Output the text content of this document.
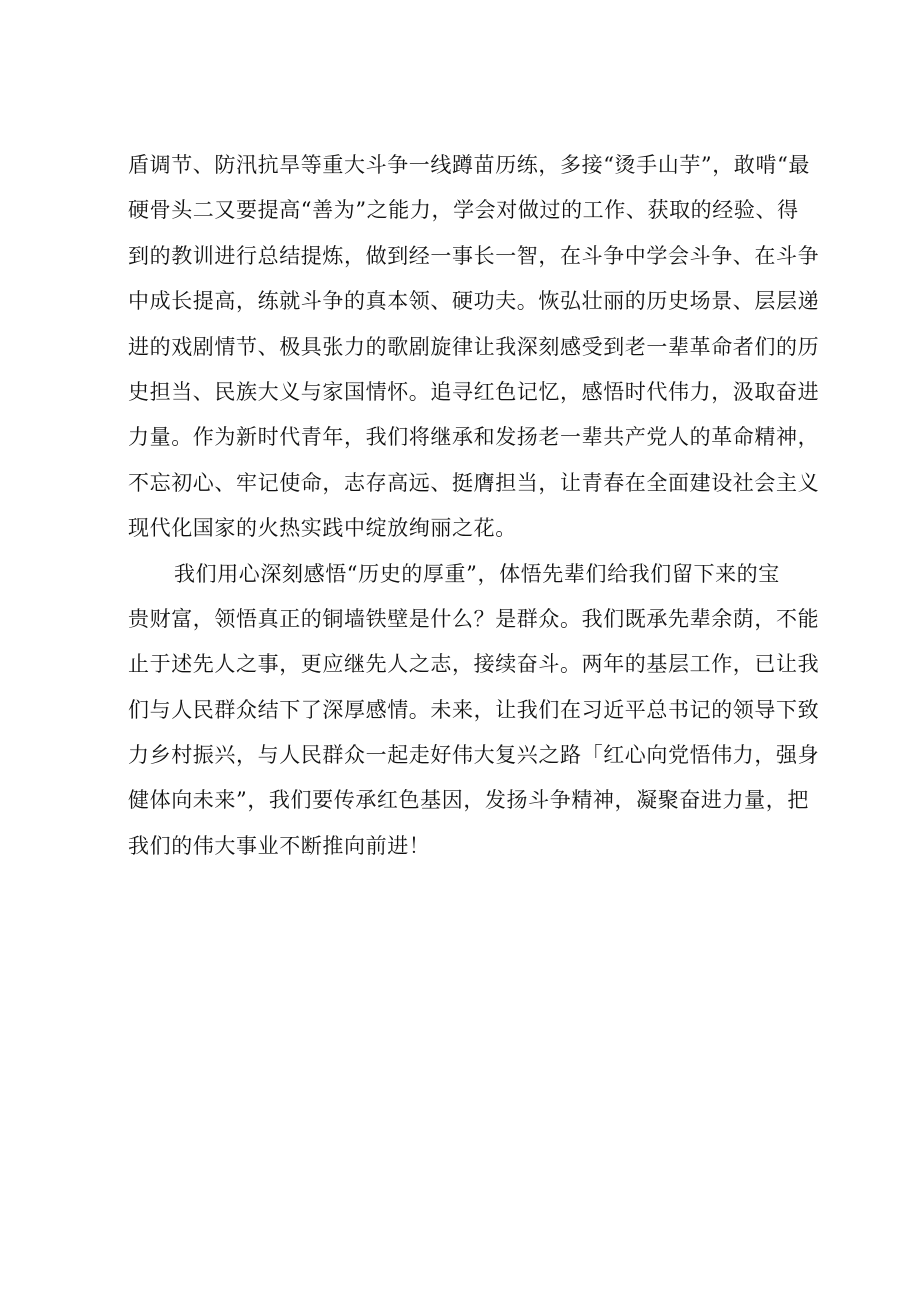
盾调节、防汛抗旱等重大斗争一线蹲苗历练，多接“烫手山芋”，敢啃“最
硬骨头二又要提高“善为”之能力，学会对做过的工作、获取的经验、得
到的教训进行总结提炼，做到经一事长一智，在斗争中学会斗争、在斗争
中成长提高，练就斗争的真本领、硬功夫。恢弘壮丽的历史场景、层层递
进的戏剧情节、极具张力的歌剧旋律让我深刻感受到老一辈革命者们的历
史担当、民族大义与家国情怀。追寻红色记忆，感悟时代伟力，汲取奋进
力量。作为新时代青年，我们将继承和发扬老一辈共产党人的革命精神，
不忘初心、牢记使命，志存高远、挺膺担当，让青春在全面建设社会主义
现代化国家的火热实践中绽放绚丽之花。
我们用心深刻感悟“历史的厚重”，体悟先辈们给我们留下来的宝
贵财富，领悟真正的铜墙铁壁是什么？是群众。我们既承先辈余荫，不能
止于述先人之事，更应继先人之志，接续奋斗。两年的基层工作，已让我
们与人民群众结下了深厚感情。未来，让我们在习近平总书记的领导下致
力乡村振兴，与人民群众一起走好伟大复兴之路「红心向党悟伟力，强身
健体向未来”，我们要传承红色基因，发扬斗争精神，凝聚奋进力量，把
我们的伟大事业不断推向前进！
